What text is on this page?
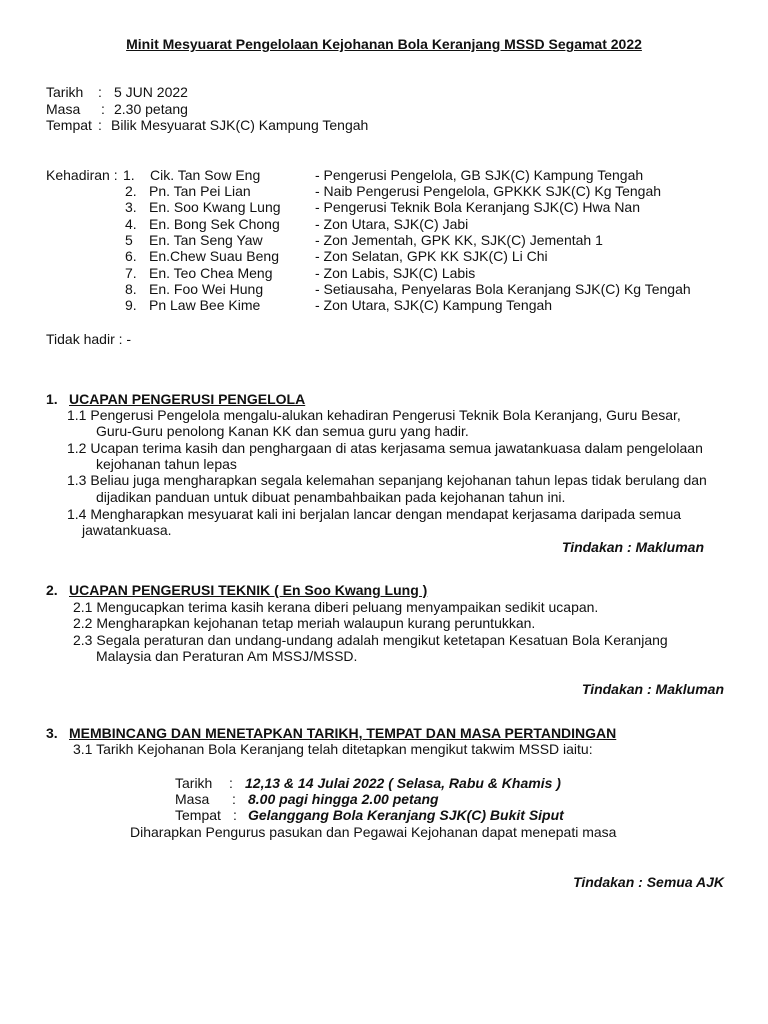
Minit Mesyuarat Pengelolaan Kejohanan Bola Keranjang MSSD Segamat 2022
Tarikh : 5 JUN 2022
Masa : 2.30 petang
Tempat : Bilik Mesyuarat SJK(C) Kampung Tengah
Kehadiran : 1. Cik. Tan Sow Eng	- Pengerusi Pengelola, GB SJK(C) Kampung Tengah
2. Pn. Tan Pei Lian	- Naib Pengerusi Pengelola, GPKKK SJK(C) Kg Tengah
3. En. Soo Kwang Lung - Pengerusi Teknik Bola Keranjang SJK(C) Hwa Nan
4. En. Bong Sek Chong	- Zon Utara, SJK(C) Jabi
5 En. Tan Seng Yaw	- Zon Jementah, GPK KK, SJK(C) Jementah 1
6. En.Chew Suau Beng	- Zon Selatan, GPK KK SJK(C) Li Chi
7. En. Teo Chea Meng	- Zon Labis, SJK(C) Labis
8. En. Foo Wei Hung	- Setiausaha, Penyelaras Bola Keranjang SJK(C) Kg Tengah
9. Pn Law Bee Kime	- Zon Utara, SJK(C) Kampung Tengah
Tidak hadir : -
1. UCAPAN PENGERUSI PENGELOLA
1.1 Pengerusi Pengelola mengalu-alukan kehadiran Pengerusi Teknik Bola Keranjang, Guru Besar,
Guru-Guru penolong Kanan KK dan semua guru yang hadir.
1.2 Ucapan terima kasih dan penghargaan di atas kerjasama semua jawatankuasa dalam pengelolaan
kejohanan tahun lepas
1.3 Beliau juga mengharapkan segala kelemahan sepanjang kejohanan tahun lepas tidak berulang dan
dijadikan panduan untuk dibuat penambahbaikan pada kejohanan tahun ini.
1.4 Mengharapkan mesyuarat kali ini berjalan lancar dengan mendapat kerjasama daripada semua
jawatankuasa.
Tindakan : Makluman
2. UCAPAN PENGERUSI TEKNIK ( En Soo Kwang Lung )
2.1 Mengucapkan terima kasih kerana diberi peluang menyampaikan sedikit ucapan.
2.2 Mengharapkan kejohanan tetap meriah walaupun kurang peruntukkan.
2.3 Segala peraturan dan undang-undang adalah mengikut ketetapan Kesatuan Bola Keranjang
Malaysia dan Peraturan Am MSSJ/MSSD.
Tindakan : Makluman
3. MEMBINCANG DAN MENETAPKAN TARIKH, TEMPAT DAN MASA PERTANDINGAN
3.1 Tarikh Kejohanan Bola Keranjang telah ditetapkan mengikut takwim MSSD iaitu:
Tarikh : 12,13 & 14 Julai 2022 ( Selasa, Rabu & Khamis )
Masa : 8.00 pagi hingga 2.00 petang
Tempat : Gelanggang Bola Keranjang SJK(C) Bukit Siput
Diharapkan Pengurus pasukan dan Pegawai Kejohanan dapat menepati masa
Tindakan : Semua AJK
